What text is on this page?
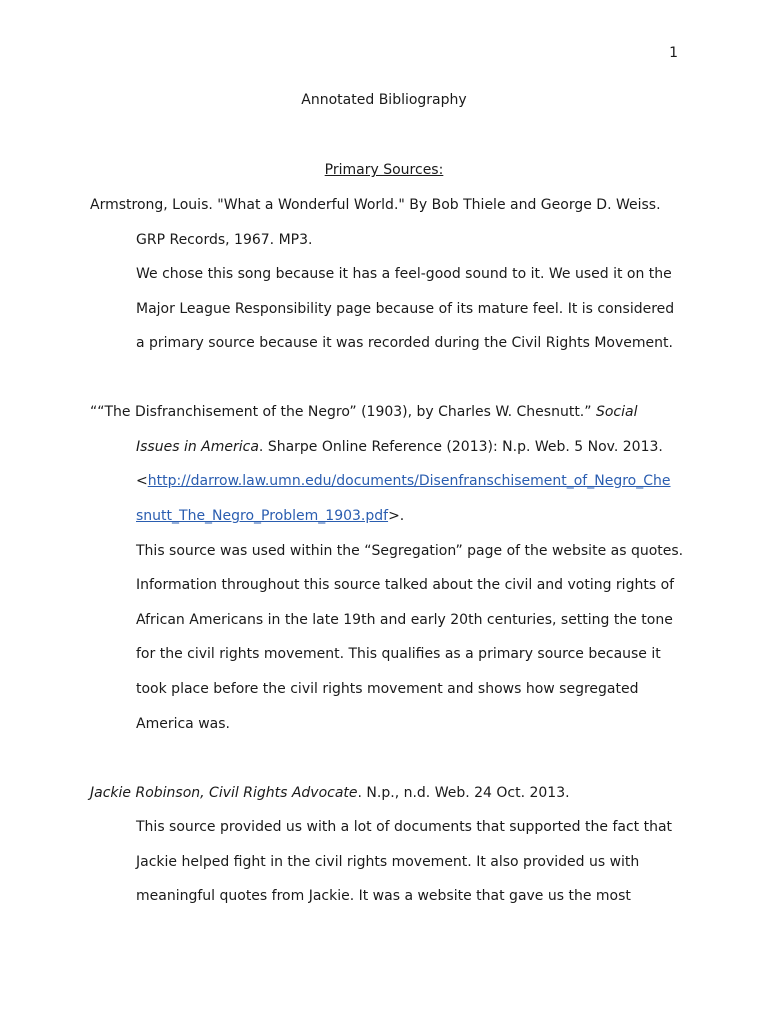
1
Annotated Bibliography
Primary Sources:
Armstrong, Louis. "What a Wonderful World." By Bob Thiele and George D. Weiss.
GRP Records, 1967. MP3.
We chose this song because it has a feel-good sound to it. We used it on the
Major League Responsibility page because of its mature feel. It is considered
a primary source because it was recorded during the Civil Rights Movement.
““The Disfranchisement of the Negro” (1903), by Charles W. Chesnutt.” Social
Issues in America. Sharpe Online Reference (2013): N.p. Web. 5 Nov. 2013.
<http://darrow.law.umn.edu/documents/Disenfranschisement_of_Negro_Che
snutt_The_Negro_Problem_1903.pdf>.
This source was used within the “Segregation” page of the website as quotes.
Information throughout this source talked about the civil and voting rights of
African Americans in the late 19th and early 20th centuries, setting the tone
for the civil rights movement. This qualifies as a primary source because it
took place before the civil rights movement and shows how segregated
America was.
Jackie Robinson, Civil Rights Advocate. N.p., n.d. Web. 24 Oct. 2013.
This source provided us with a lot of documents that supported the fact that
Jackie helped fight in the civil rights movement. It also provided us with
meaningful quotes from Jackie. It was a website that gave us the most
